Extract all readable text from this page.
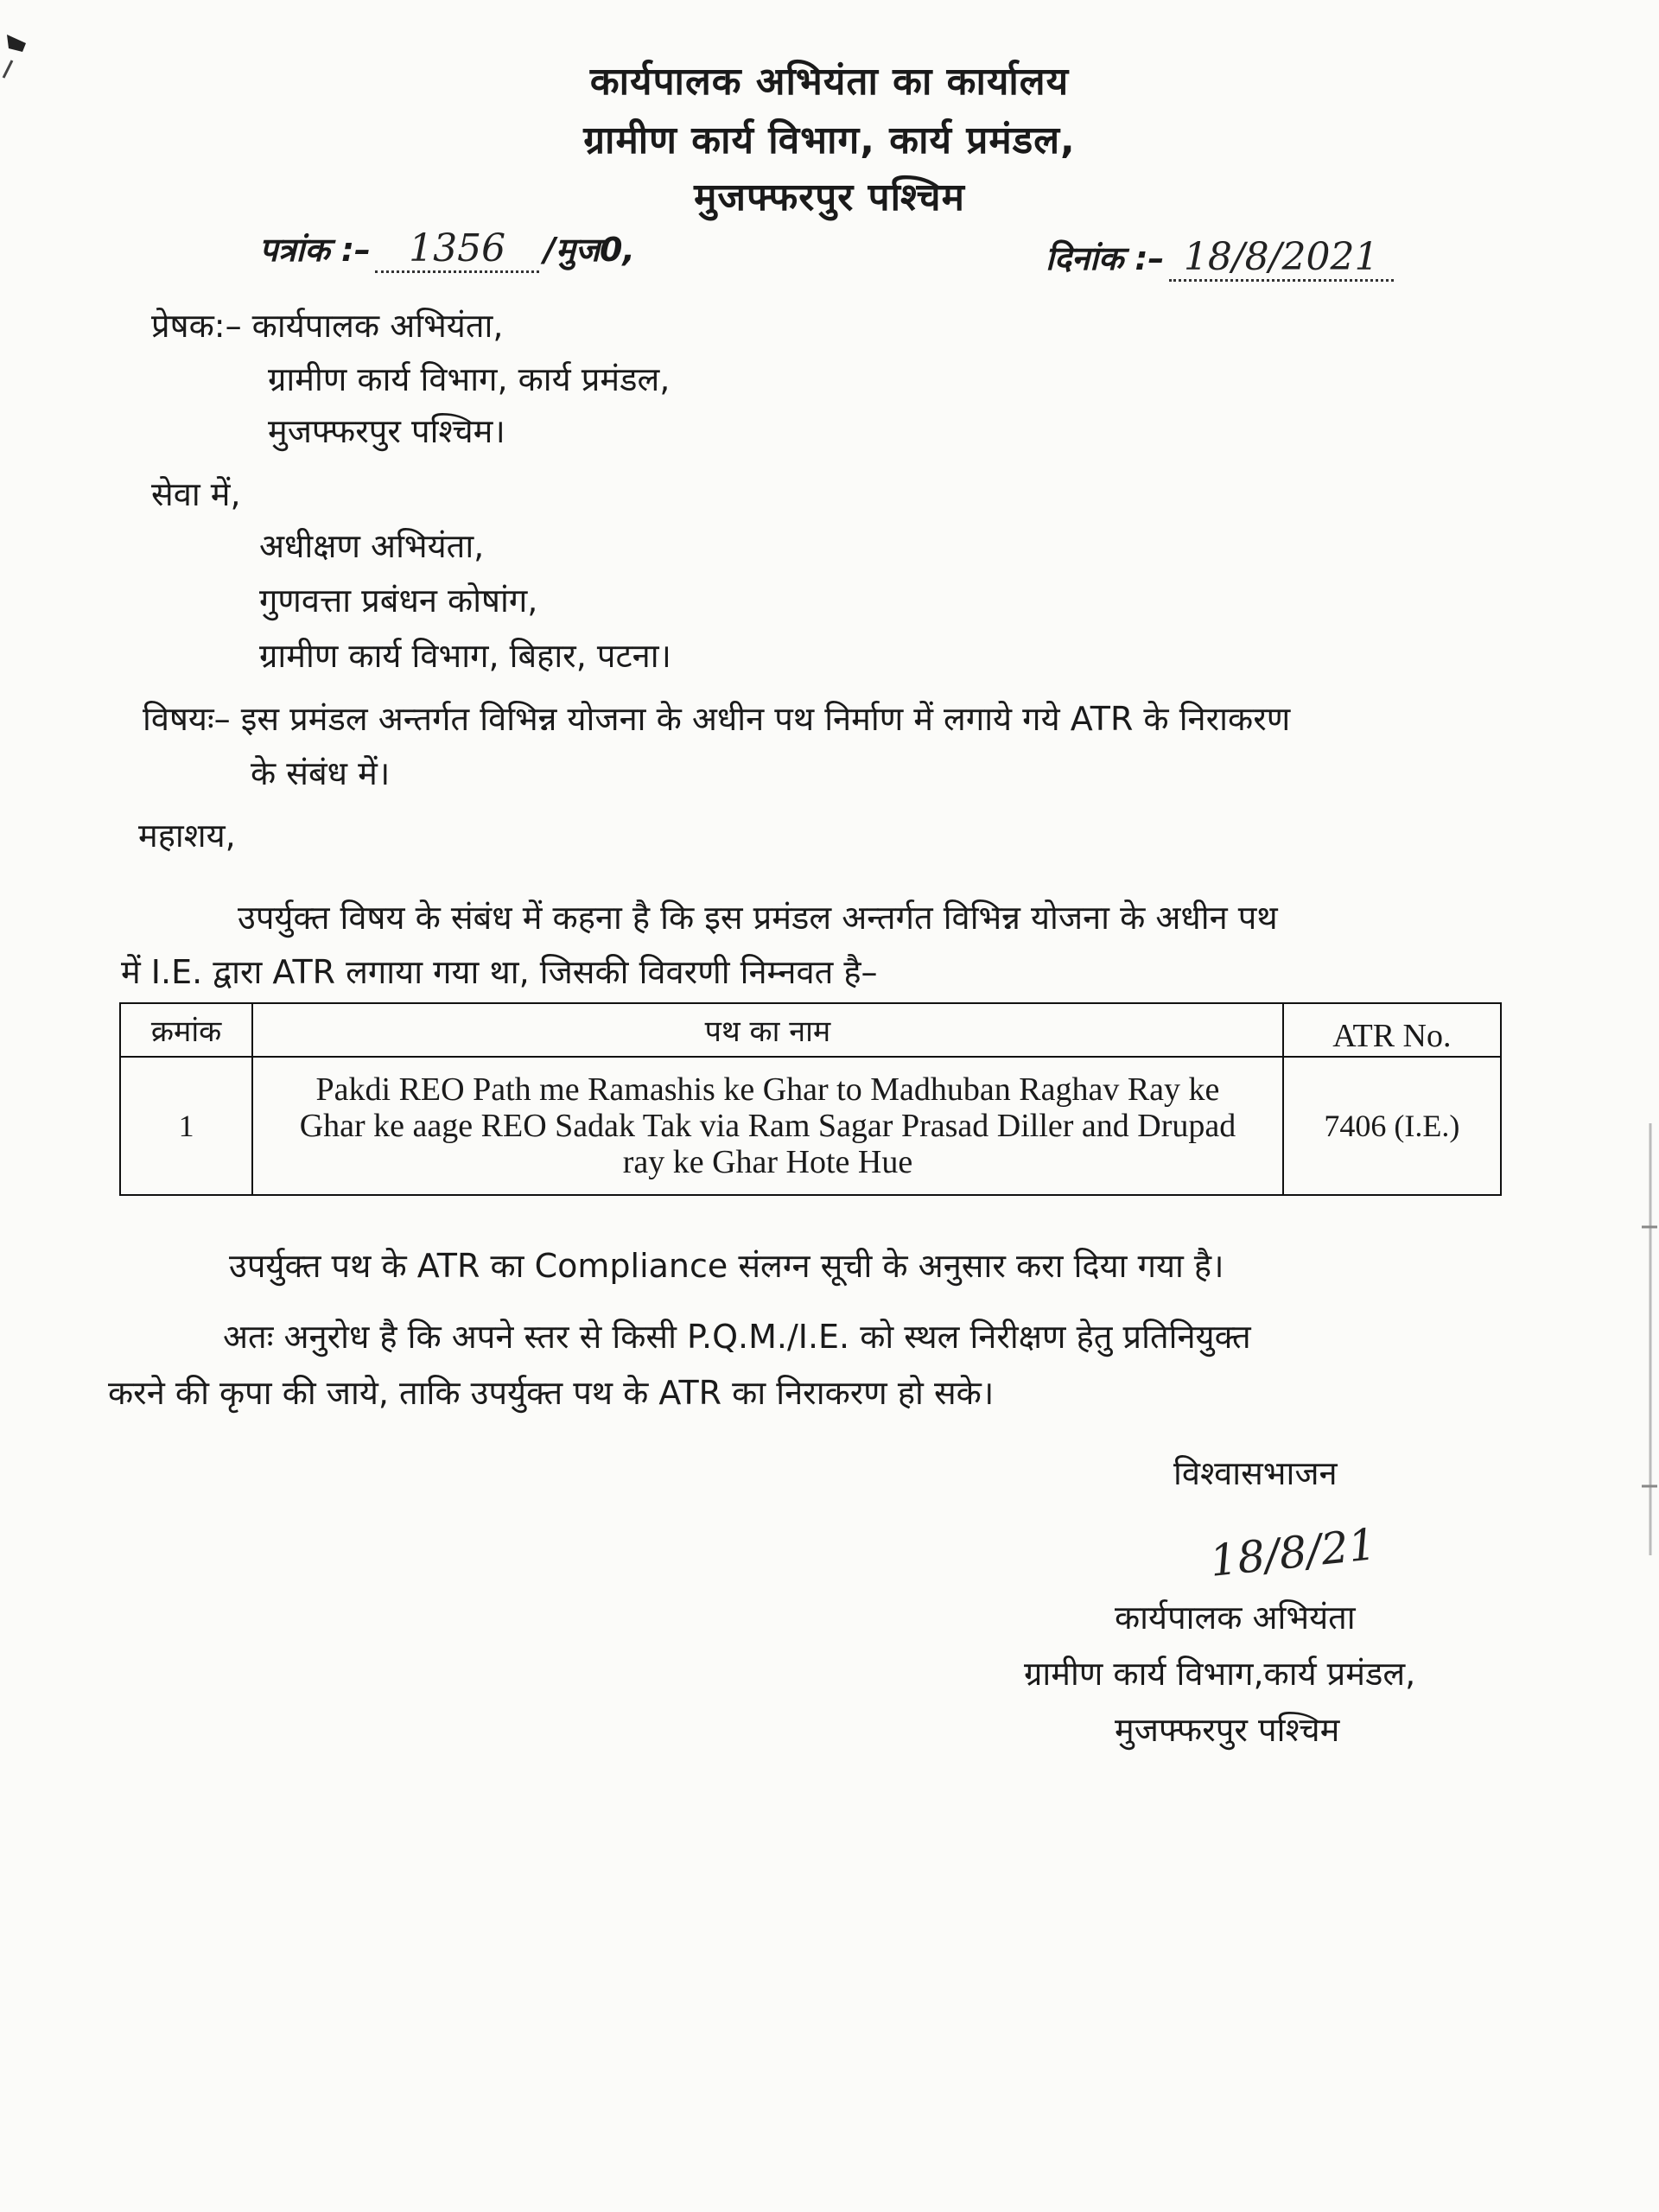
कार्यपालक अभियंता का कार्यालय
ग्रामीण कार्य विभाग, कार्य प्रमंडल,
मुजफ्फरपुर पश्चिम
पत्रांक :– 1356 /मुज0,	दिनांक :– 18/8/2021
प्रेषक:– कार्यपालक अभियंता,
ग्रामीण कार्य विभाग, कार्य प्रमंडल,
मुजफ्फरपुर पश्चिम।
सेवा में,
अधीक्षण अभियंता,
गुणवत्ता प्रबंधन कोषांग,
ग्रामीण कार्य विभाग, बिहार, पटना।
विषयः– इस प्रमंडल अन्तर्गत विभिन्न योजना के अधीन पथ निर्माण में लगाये गये ATR के निराकरण
के संबंध में।
महाशय,
उपर्युक्त विषय के संबंध में कहना है कि इस प्रमंडल अन्तर्गत विभिन्न योजना के अधीन पथ
में I.E. द्वारा ATR लगाया गया था, जिसकी विवरणी निम्नवत है–
क्रमांक	पथ का नाम	ATR No.
1	Pakdi REO Path me Ramashis ke Ghar to Madhuban Raghav Ray ke
Ghar ke aage REO Sadak Tak via Ram Sagar Prasad Diller and Drupad
ray ke Ghar Hote Hue	7406 (I.E.)
उपर्युक्त पथ के ATR का Compliance संलग्न सूची के अनुसार करा दिया गया है।
अतः अनुरोध है कि अपने स्तर से किसी P.Q.M./I.E. को स्थल निरीक्षण हेतु प्रतिनियुक्त
करने की कृपा की जाये, ताकि उपर्युक्त पथ के ATR का निराकरण हो सके।
विश्वासभाजन
18/8/21
कार्यपालक अभियंता
ग्रामीण कार्य विभाग,कार्य प्रमंडल,
मुजफ्फरपुर पश्चिम
